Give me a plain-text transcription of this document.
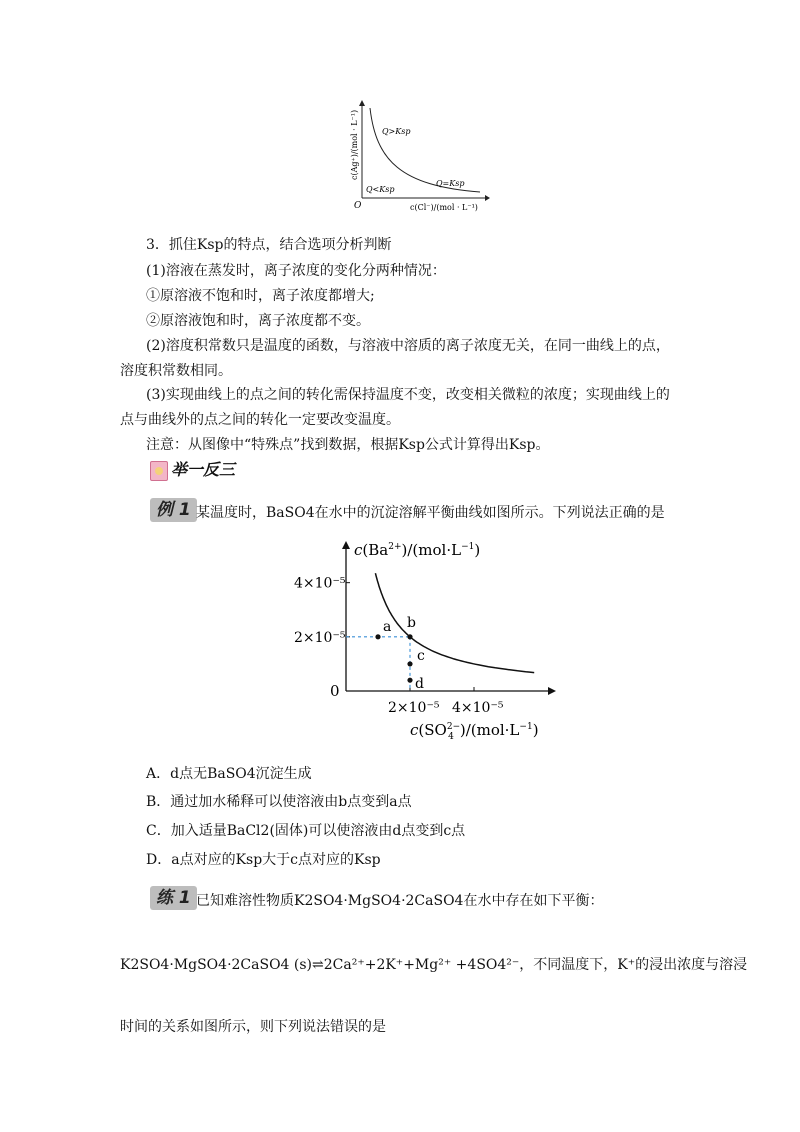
c(Ag⁺)/(mol · L⁻¹)
c(Cl⁻)/(mol · L⁻¹)
O
Q>Ksp
Q<Ksp
Q=Ksp
3．抓住Ksp的特点，结合选项分析判断
(1)溶液在蒸发时，离子浓度的变化分两种情况：
①原溶液不饱和时，离子浓度都增大;
②原溶液饱和时，离子浓度都不变。
(2)溶度积常数只是温度的函数，与溶液中溶质的离子浓度无关，在同一曲线上的点，
溶度积常数相同。
(3)实现曲线上的点之间的转化需保持温度不变，改变相关微粒的浓度；实现曲线上的
点与曲线外的点之间的转化一定要改变温度。
注意：从图像中“特殊点”找到数据，根据Ksp公式计算得出Ksp。
举一反三
例 1 某温度时，BaSO4在水中的沉淀溶解平衡曲线如图所示。下列说法正确的是
0
2×10⁻⁵
4×10⁻⁵
2×10⁻⁵ 4×10⁻⁵
a b
c
d
$c(Ba^{2+})/(mol\cdot L^{-1})$
$c(SO^{2-}$ 4 )$/(mol\cdot L^{-1})$
A．d点无BaSO4沉淀生成
B．通过加水稀释可以使溶液由b点变到a点
C．加入适量BaCl2(固体)可以使溶液由d点变到c点
D．a点对应的Ksp大于c点对应的Ksp
练 1 已知难溶性物质K2SO4·MgSO4·2CaSO4在水中存在如下平衡：
K2SO4·MgSO4·2CaSO4 (s)⇌2Ca²⁺+2K⁺+Mg²⁺ +4SO4²⁻，不同温度下，K⁺的浸出浓度与溶浸
时间的关系如图所示，则下列说法错误的是
